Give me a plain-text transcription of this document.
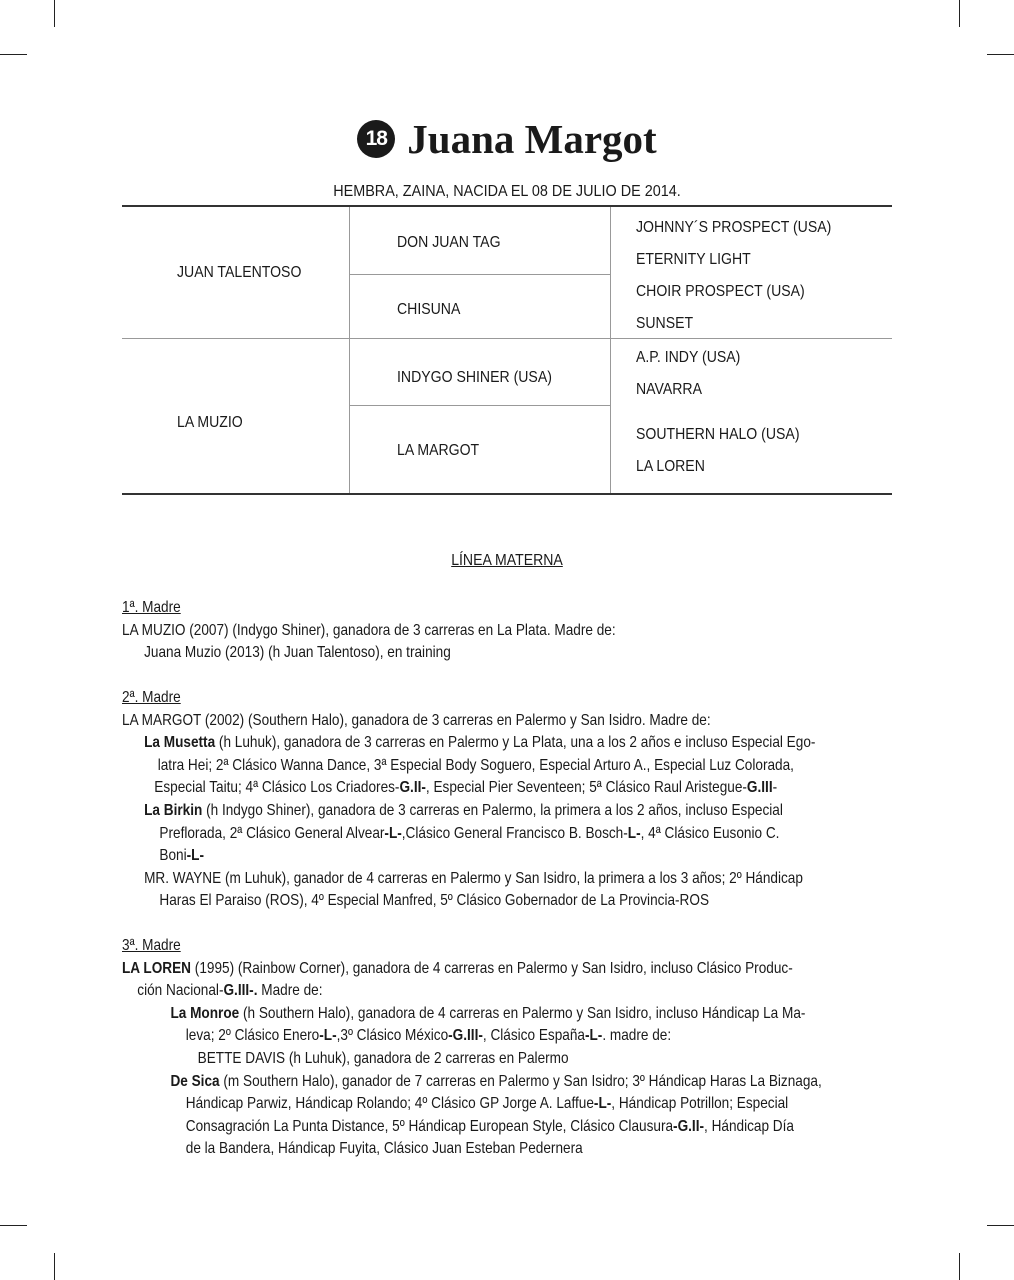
18 Juana Margot
HEMBRA, ZAINA, NACIDA EL 08 DE JULIO DE 2014.
JUAN TALENTOSO
DON JUAN TAG
CHISUNA
JOHNNY´S PROSPECT (USA)
ETERNITY LIGHT
CHOIR PROSPECT (USA)
SUNSET
LA MUZIO
INDYGO SHINER (USA)
LA MARGOT
A.P. INDY (USA)
NAVARRA
SOUTHERN HALO (USA)
LA LOREN
LÍNEA MATERNA
1ª. Madre
LA MUZIO (2007) (Indygo Shiner), ganadora de 3 carreras en La Plata. Madre de:
Juana Muzio (2013) (h Juan Talentoso), en training
2ª. Madre
LA MARGOT (2002) (Southern Halo), ganadora de 3 carreras en Palermo y San Isidro. Madre de:
La Musetta (h Luhuk), ganadora de 3 carreras en Palermo y La Plata, una a los 2 años e incluso Especial Ego-
latra Hei; 2ª Clásico Wanna Dance, 3ª Especial Body Soguero, Especial Arturo A., Especial Luz Colorada,
Especial Taitu; 4ª Clásico Los Criadores-G.II-, Especial Pier Seventeen; 5ª Clásico Raul Aristegue-G.III-
La Birkin (h Indygo Shiner), ganadora de 3 carreras en Palermo, la primera a los 2 años, incluso Especial
Preflorada, 2ª Clásico General Alvear-L-,Clásico General Francisco B. Bosch-L-, 4ª Clásico Eusonio C.
Boni-L-
MR. WAYNE (m Luhuk), ganador de 4 carreras en Palermo y San Isidro, la primera a los 3 años; 2º Hándicap
Haras El Paraiso (ROS), 4º Especial Manfred, 5º Clásico Gobernador de La Provincia-ROS
3ª. Madre
LA LOREN (1995) (Rainbow Corner), ganadora de 4 carreras en Palermo y San Isidro, incluso Clásico Produc-
ción Nacional-G.III-. Madre de:
La Monroe (h Southern Halo), ganadora de 4 carreras en Palermo y San Isidro, incluso Hándicap La Ma-
leva; 2º Clásico Enero-L-,3º Clásico México-G.III-, Clásico España-L-. madre de:
BETTE DAVIS (h Luhuk), ganadora de 2 carreras en Palermo
De Sica (m Southern Halo), ganador de 7 carreras en Palermo y San Isidro; 3º Hándicap Haras La Biznaga,
Hándicap Parwiz, Hándicap Rolando; 4º Clásico GP Jorge A. Laffue-L-, Hándicap Potrillon; Especial
Consagración La Punta Distance, 5º Hándicap European Style, Clásico Clausura-G.II-, Hándicap Día
de la Bandera, Hándicap Fuyita, Clásico Juan Esteban Pedernera
